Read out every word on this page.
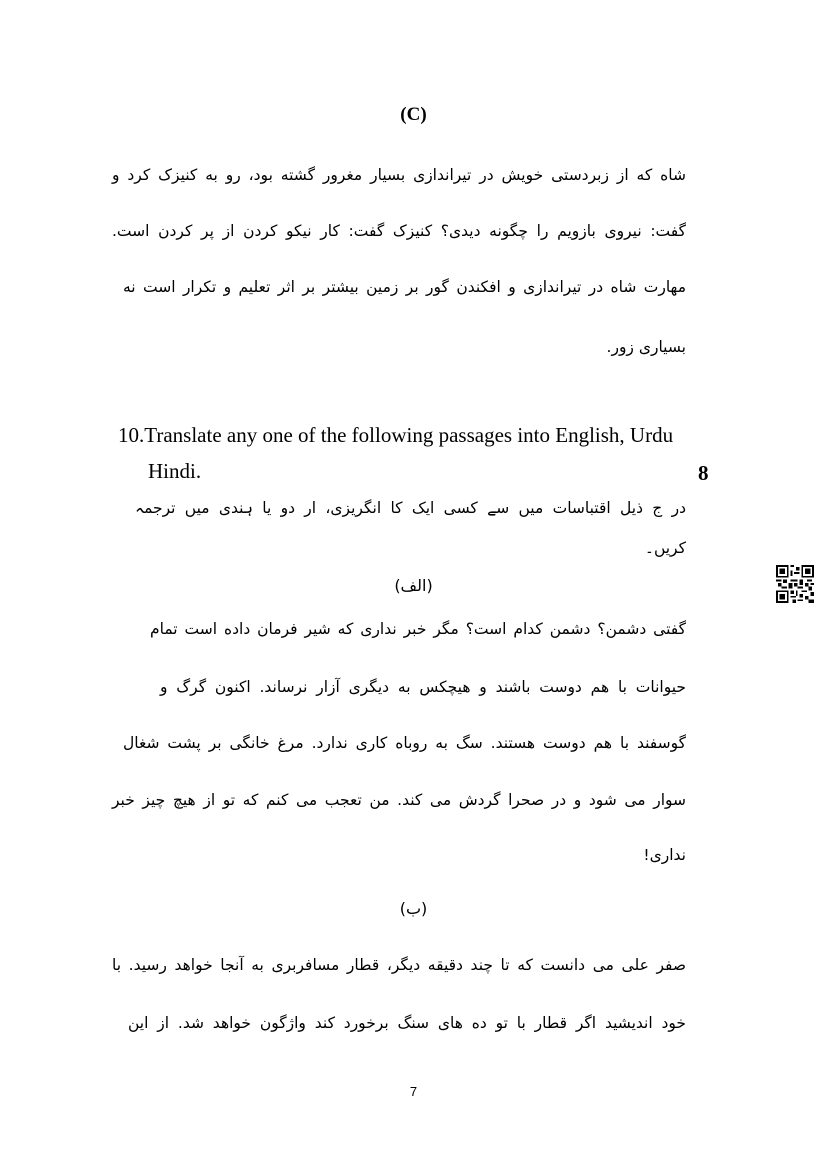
(C)
شاه که از زبردستی خویش در تیراندازی بسیار مغرور گشته بود، رو به کنیزک کرد و
گفت: نیروی بازویم را چگونه دیدی؟ کنیزک گفت: کار نیکو کردن از پر کردن است.
مهارت شاه در تیراندازی و افکندن گور بر زمین بیشتر بر اثر تعلیم و تکرار است نه
بسیاری زور.
10.Translate any one of the following passages into English, Urdu
Hindi.	8
در ج ذیل اقتباسات میں سے کسی ایک کا انگریزی، ار دو یا ہندی میں ترجمہ
کریں۔
(الف)
گفتی دشمن؟ دشمن کدام است؟ مگر خبر نداری که شیر فرمان داده است تمام
حیوانات با هم دوست باشند و هیچکس به دیگری آزار نرساند. اکنون گرگ و
گوسفند با هم دوست هستند. سگ به روباه کاری ندارد. مرغ خانگی بر پشت شغال
سوار می شود و در صحرا گردش می کند. من تعجب می کنم که تو از هیچ چیز خبر
نداری!
(ب)
صفر علی می دانست که تا چند دقیقه دیگر، قطار مسافربری به آنجا خواهد رسید. با
خود اندیشید اگر قطار با تو ده های سنگ برخورد کند واژگون خواهد شد. از این
7
